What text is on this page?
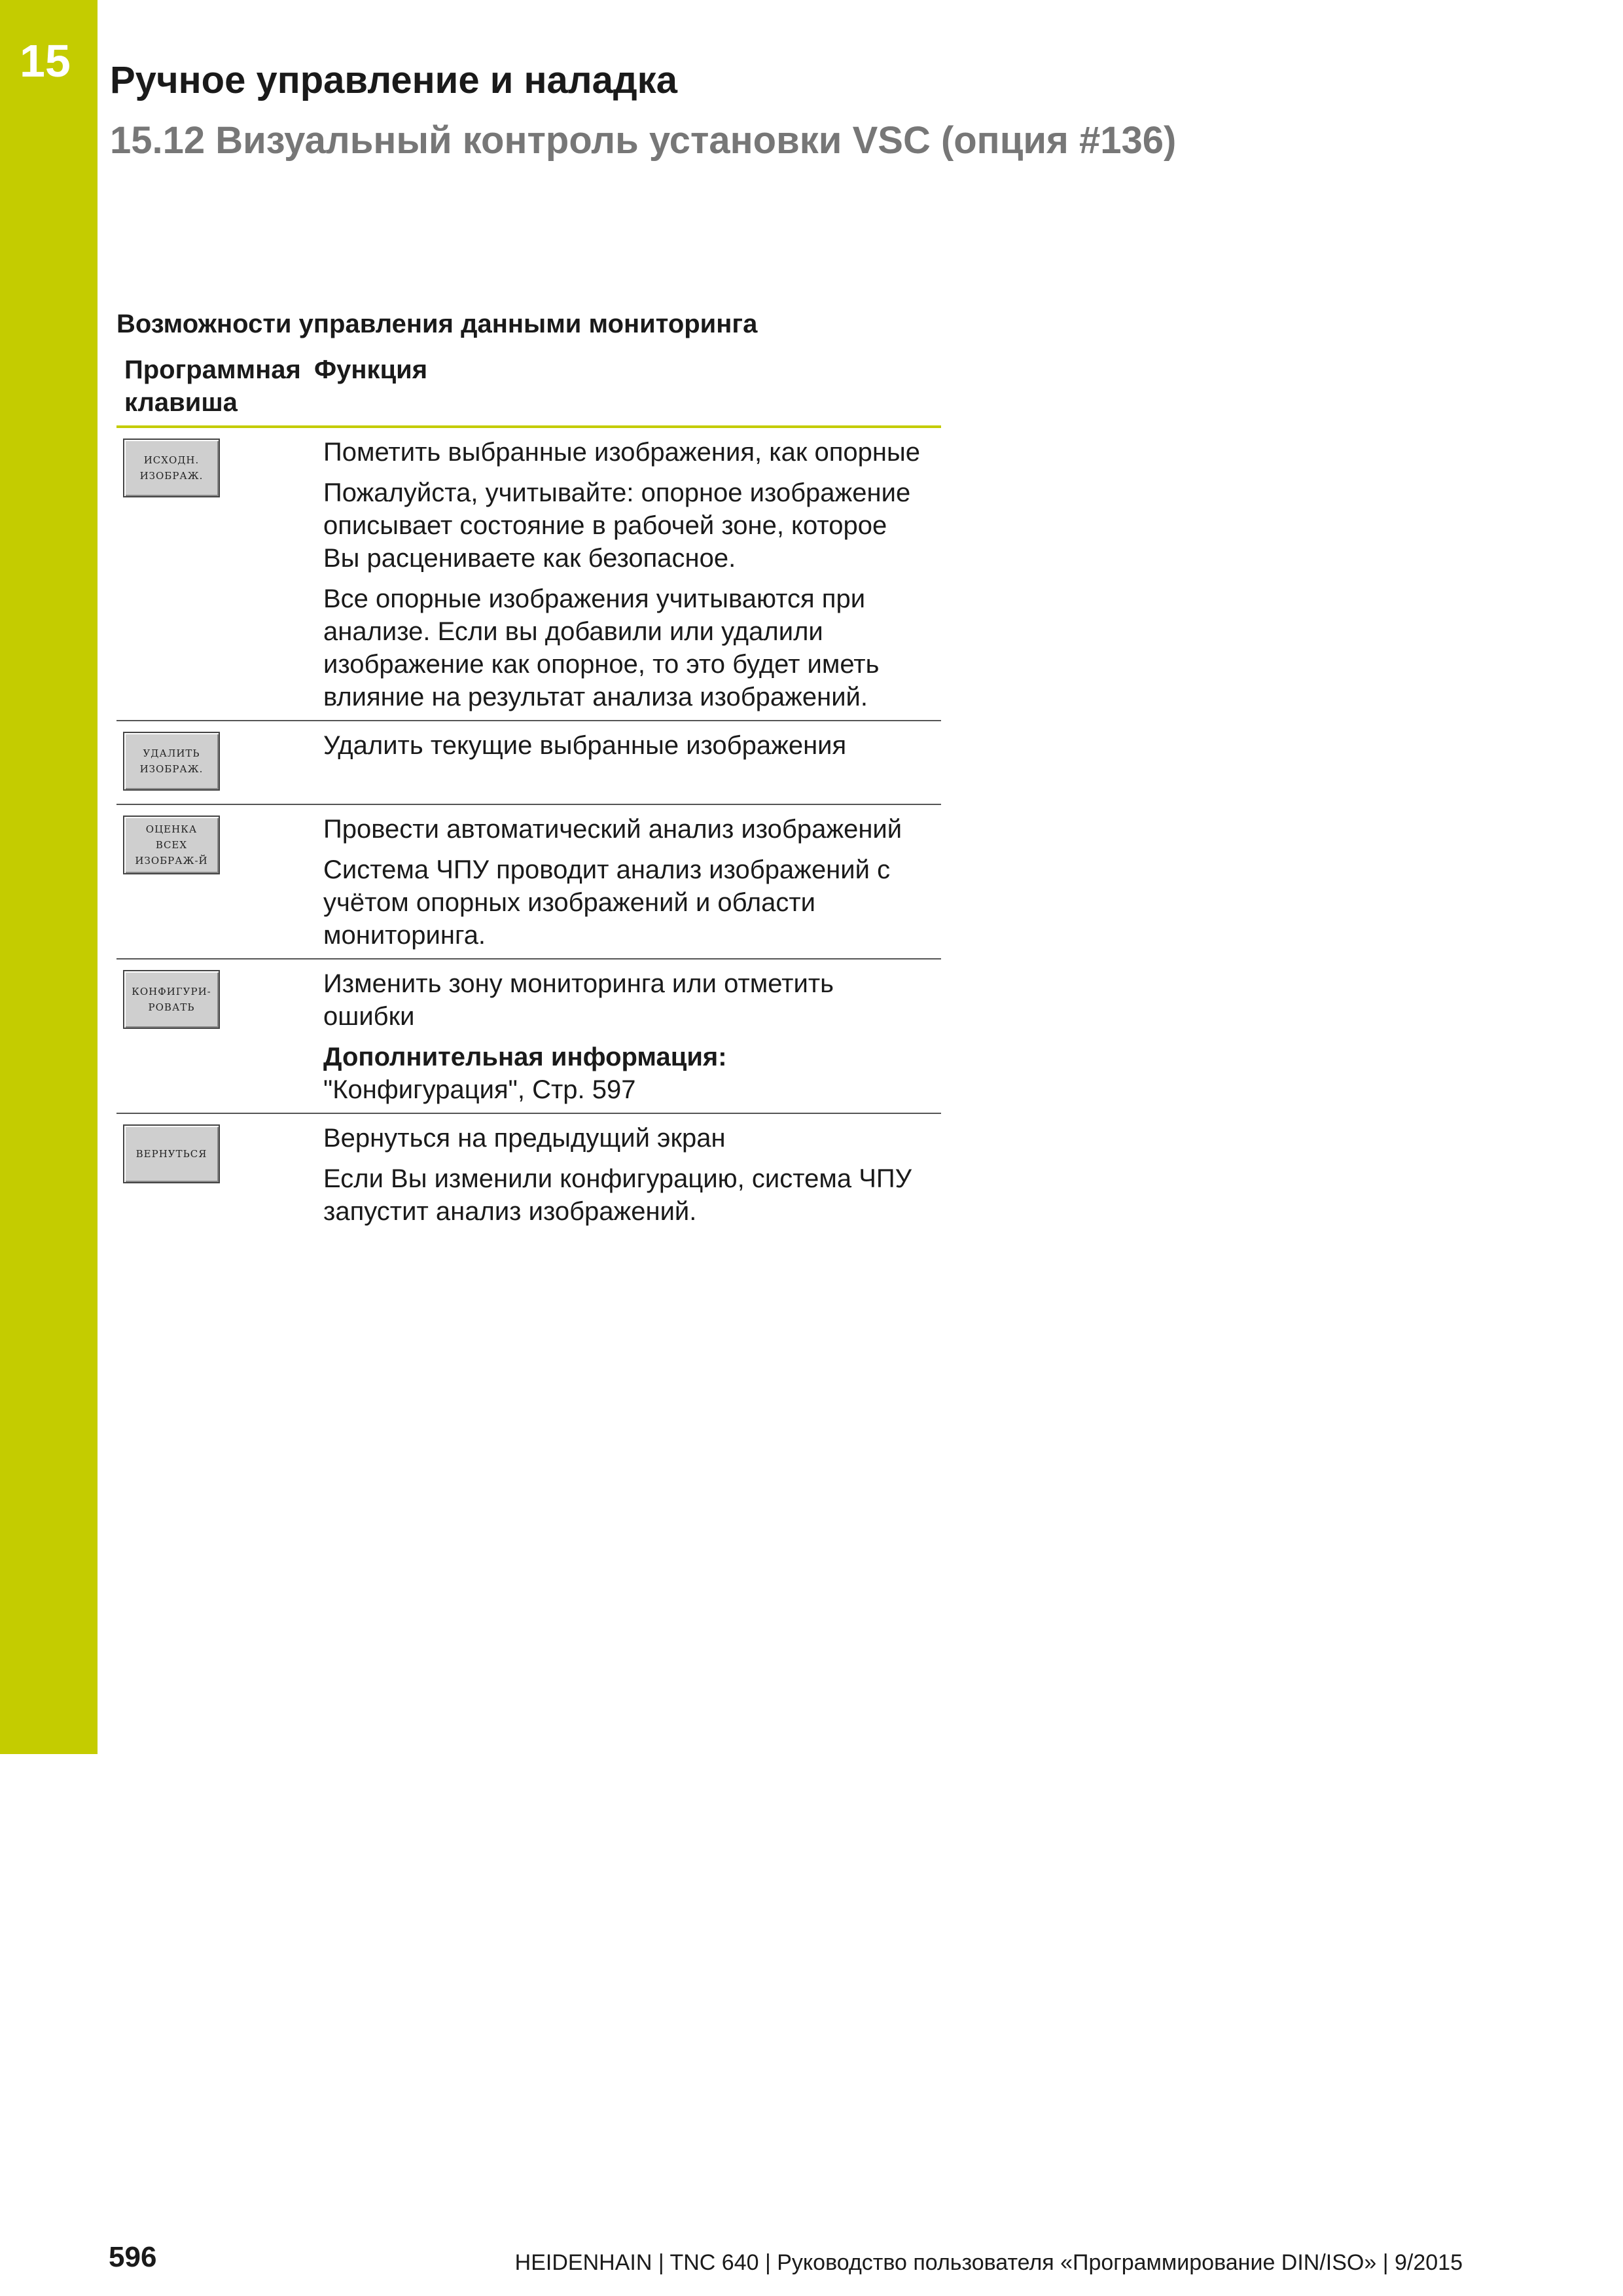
15 Ручное управление и наладка
15.12 Визуальный контроль установки VSC (опция #136)
Возможности управления данными мониторинга
Программная клавиша
Функция
ИСХОДН.
ИЗОБРАЖ.

Пометить выбранные изображения, как опорные

Пожалуйста, учитывайте: опорное изображение описывает состояние в рабочей зоне, которое Вы расцениваете как безопасное.

Все опорные изображения учитываются при анализе. Если вы добавили или удалили изображение как опорное, то это будет иметь влияние на результат анализа изображений.

УДАЛИТЬ
ИЗОБРАЖ.

Удалить текущие выбранные изображения

ОЦЕНКА
ВСЕХ
ИЗОБРАЖ-Й

Провести автоматический анализ изображений

Система ЧПУ проводит анализ изображений с учётом опорных изображений и области мониторинга.

КОНФИГУРИ-
РОВАТЬ

Изменить зону мониторинга или отметить ошибки

Дополнительная информация:

"Конфигурация", Стр. 597

ВЕРНУТЬСЯ

Вернуться на предыдущий экран

Если Вы изменили конфигурацию, система ЧПУ запустит анализ изображений.

596	HEIDENHAIN | TNC 640 | Руководство пользователя «Программирование DIN/ISO» | 9/2015
